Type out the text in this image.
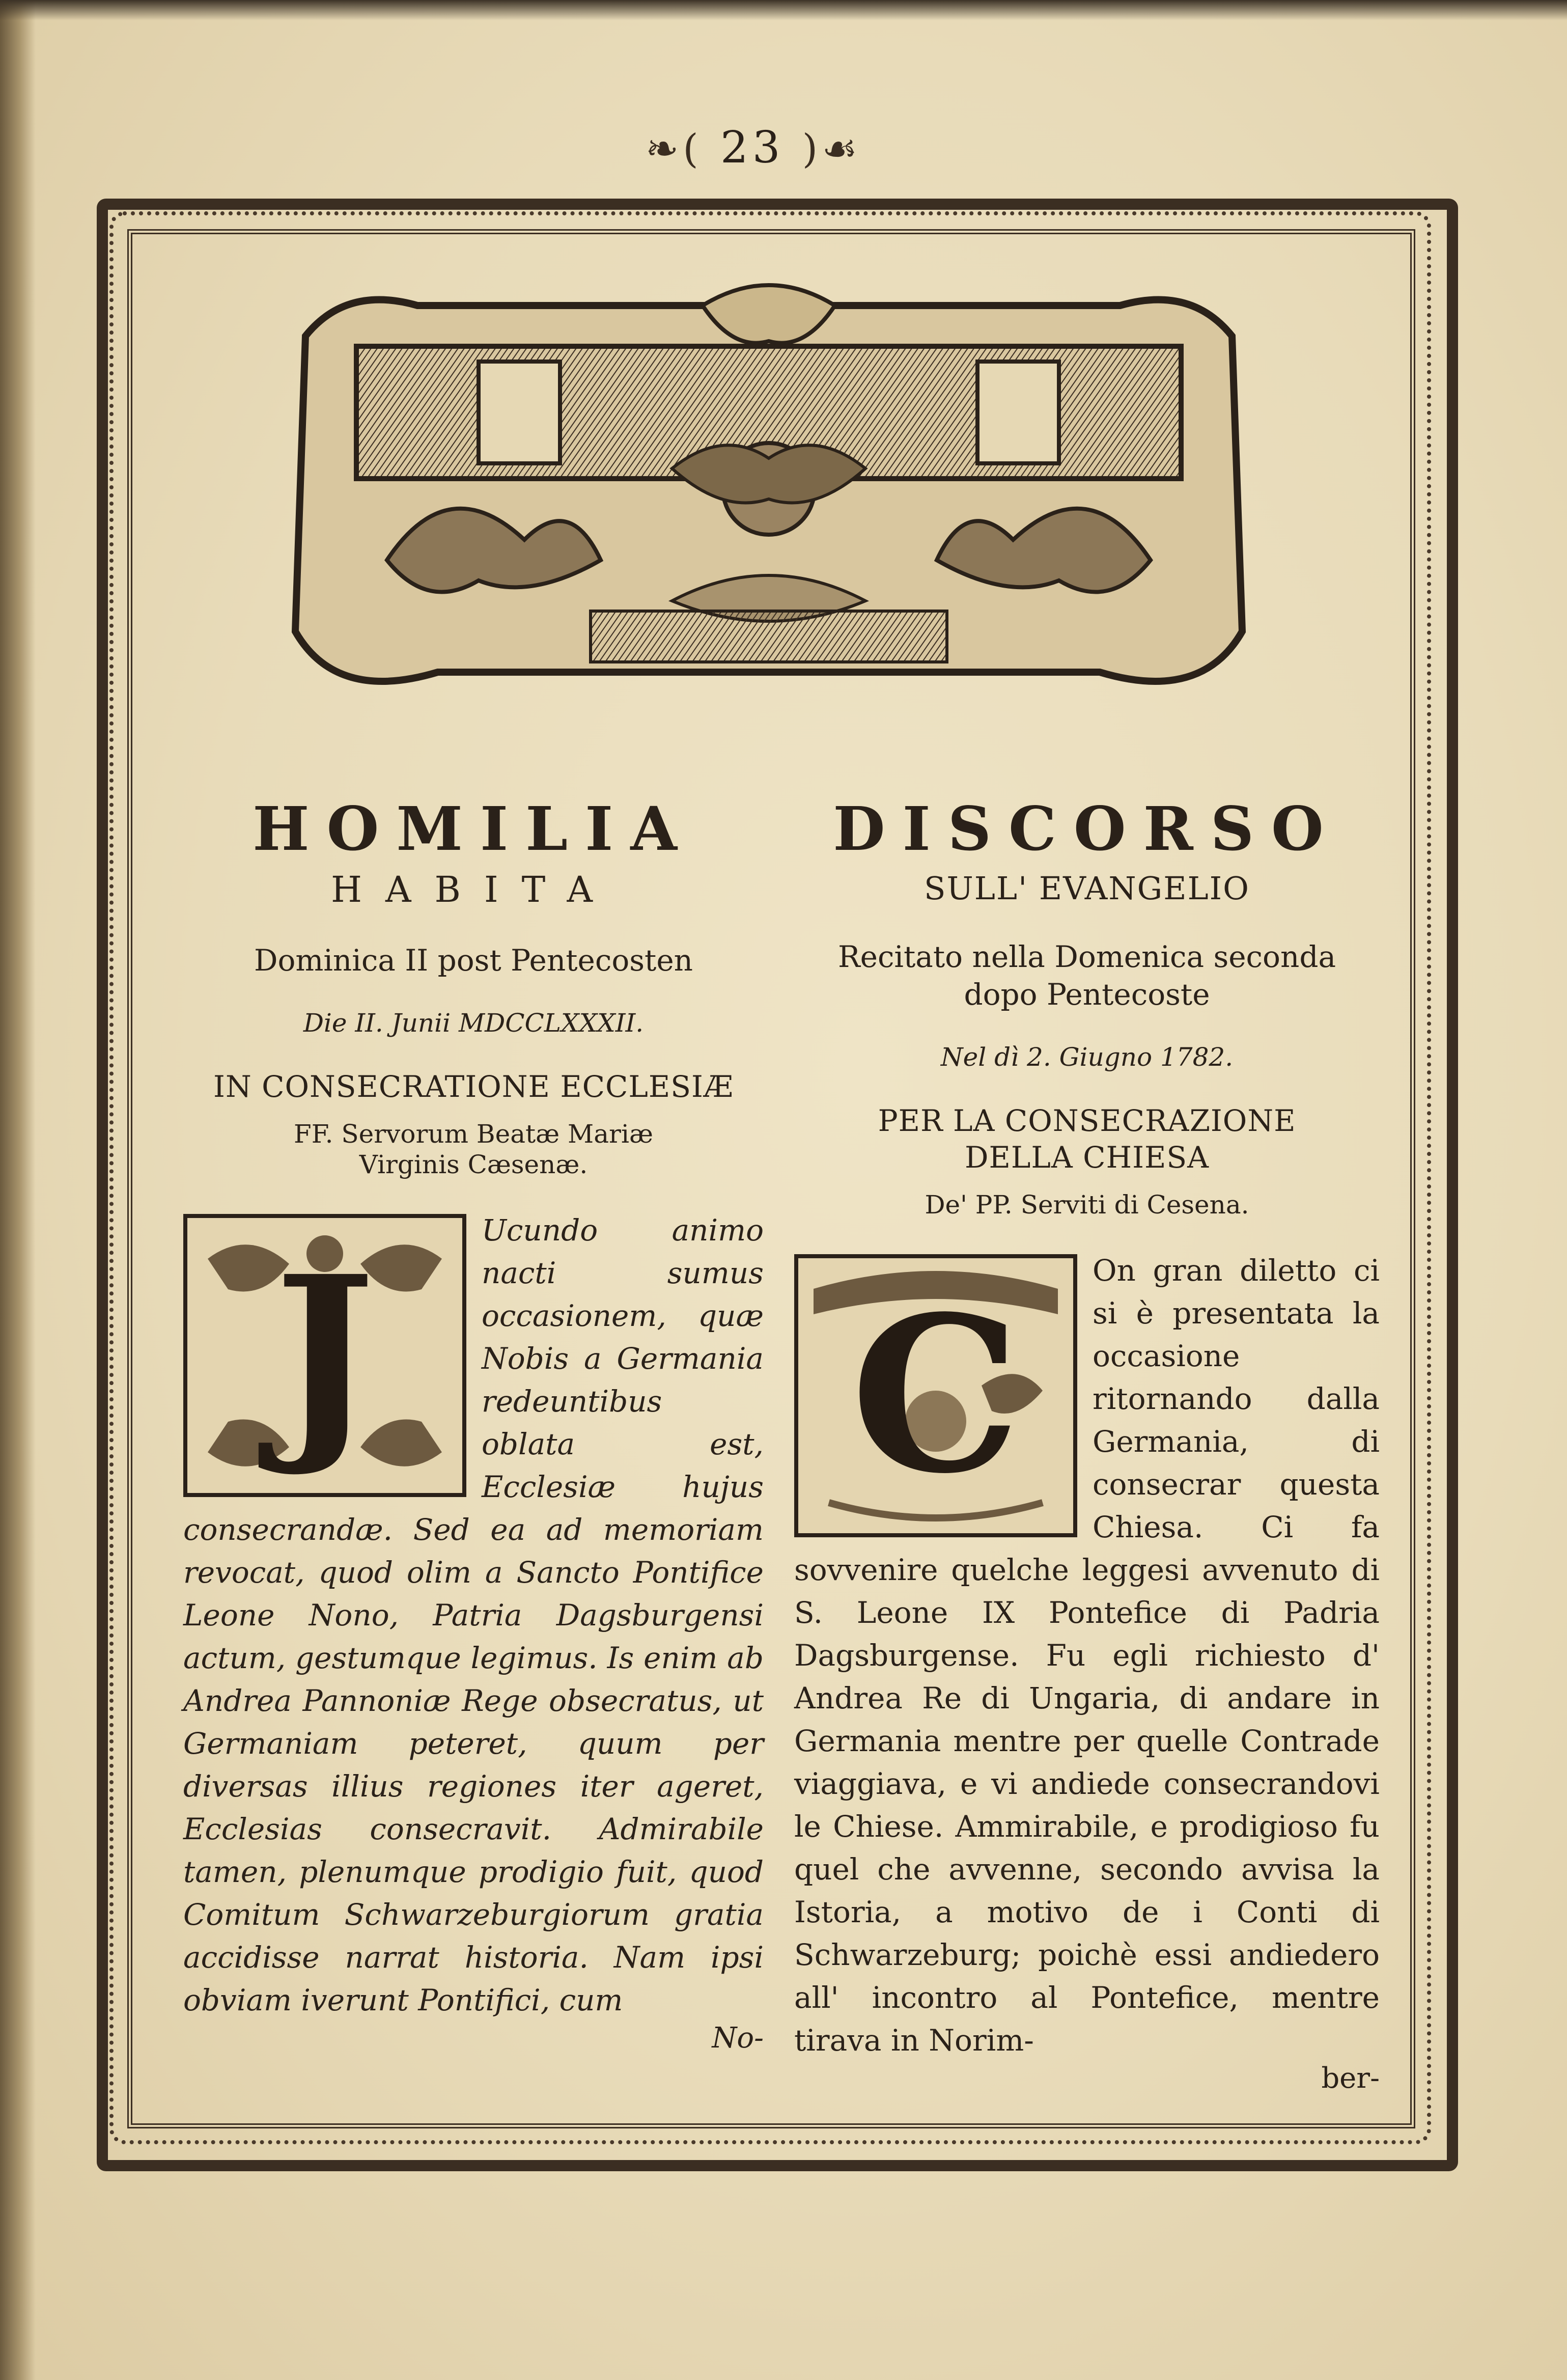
❧( 23 )☙

HOMILIA

HABITA

Dominica II post Pentecosten

Die II. Junii MDCCLXXXII.

IN CONSECRATIONE ECCLESIÆ

FF. Servorum Beatæ Mariæ

Virginis Cæsenæ.

J	Ucundo animo nacti sumus occasionem, quæ Nobis a Germania redeuntibus oblata est, Ecclesiæ hujus consecrandæ. Sed ea ad memoriam revocat, quod olim a Sancto Pontifice Leone Nono, Patria Dagsburgensi actum, gestumque legimus. Is enim ab Andrea Pannoniæ Rege obsecratus, ut Germaniam peteret, quum per diversas illius regiones iter ageret, Ecclesias consecravit. Admirabile tamen, plenumque prodigio fuit, quod Comitum Schwarzeburgiorum gratia accidisse narrat historia. Nam ipsi obviam iverunt Pontifici, cum

No-

DISCORSO

SULL' EVANGELIO

Recitato nella Domenica seconda

dopo Pentecoste

Nel dì 2. Giugno 1782.

PER LA CONSECRAZIONE

DELLA CHIESA

De' PP. Serviti di Cesena.

C	On gran diletto ci si è presentata la occasione ritornando dalla Germania, di consecrar questa Chiesa. Ci fa sovvenire quelche leggesi avvenuto di S. Leone IX Pontefice di Padria Dagsburgense. Fu egli richiesto d' Andrea Re di Ungaria, di andare in Germania mentre per quelle Contrade viaggiava, e vi andiede consecrandovi le Chiese. Ammirabile, e prodigioso fu quel che avvenne, secondo avvisa la Istoria, a motivo de i Conti di Schwarzeburg; poichè essi andiedero all' incontro al Pontefice, mentre tirava in Norim-

ber-
